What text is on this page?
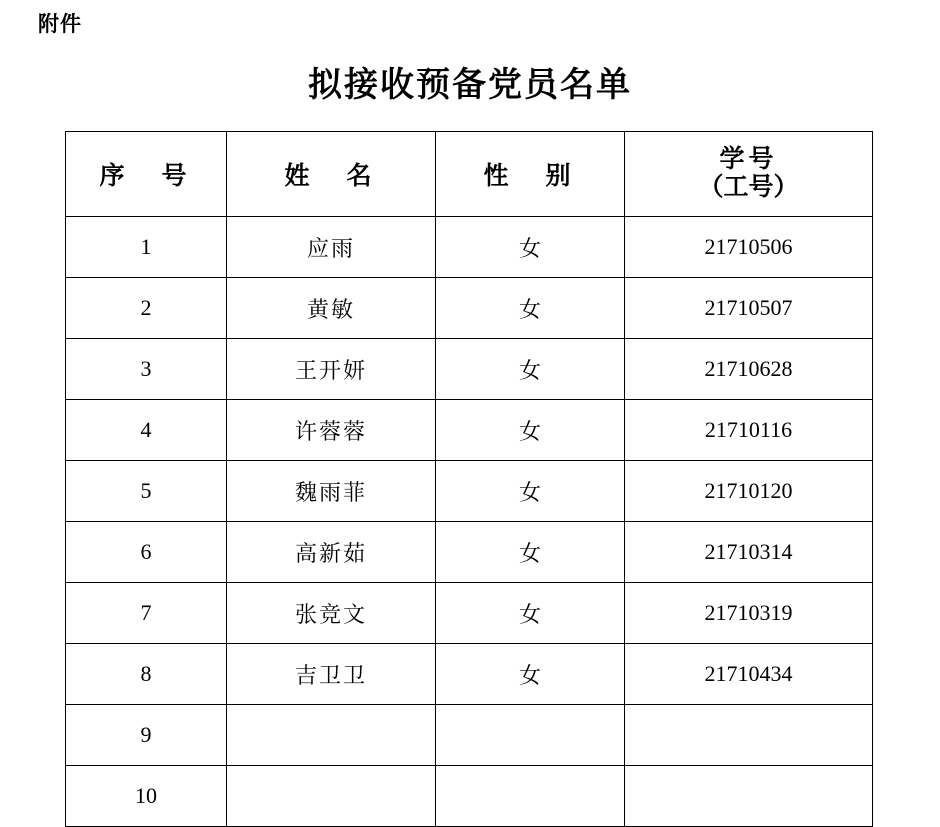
附件
拟接收预备党员名单
序　号	姓　名	性　别	学号
（工号）

1	应雨	女	21710506
2	黄敏	女	21710507
3	王开妍	女	21710628
4	许蓉蓉	女	21710116
5	魏雨菲	女	21710120
6	高新茹	女	21710314
7	张竞文	女	21710319
8	吉卫卫	女	21710434
9			
10			
